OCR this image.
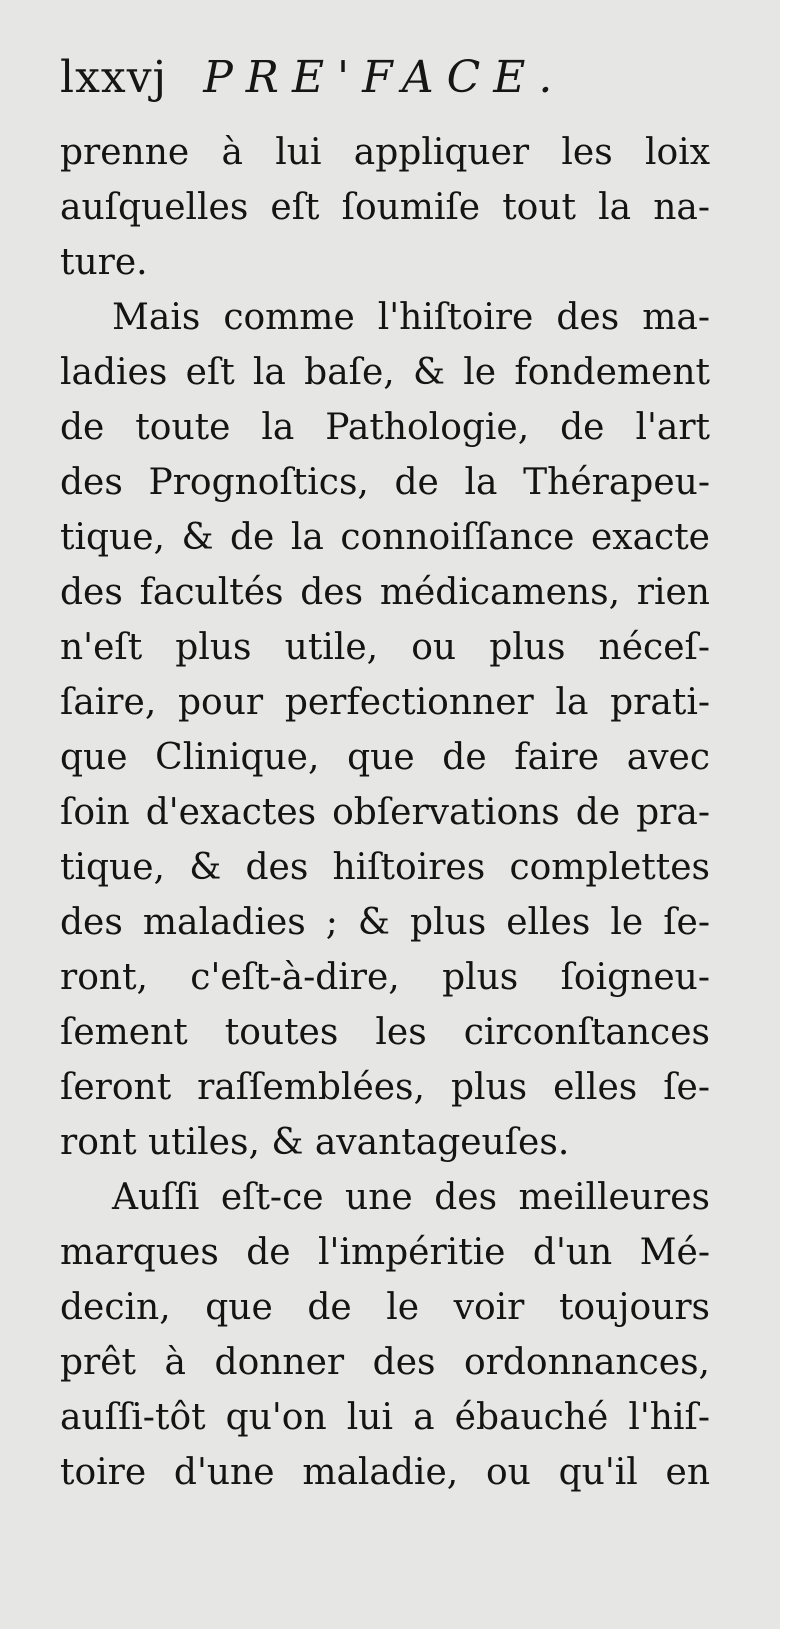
lxxvj PRE'FACE.
prenne à lui appliquer les loix
auſquelles eſt ſoumiſe tout la na-
ture.
Mais comme l'hiſtoire des ma-
ladies eſt la baſe, & le fondement
de toute la Pathologie, de l'art
des Prognoſtics, de la Thérapeu-
tique, & de la connoiſſance exacte
des facultés des médicamens, rien
n'eſt plus utile, ou plus néceſ-
ſaire, pour perfectionner la prati-
que Clinique, que de faire avec
ſoin d'exactes obſervations de pra-
tique, & des hiſtoires complettes
des maladies ; & plus elles le ſe-
ront, c'eſt-à-dire, plus ſoigneu-
ſement toutes les circonſtances
ſeront raſſemblées, plus elles ſe-
ront utiles, & avantageuſes.
Auſſi eſt-ce une des meilleures
marques de l'impéritie d'un Mé-
decin, que de le voir toujours
prêt à donner des ordonnances,
auſſi-tôt qu'on lui a ébauché l'hiſ-
toire d'une maladie, ou qu'il en
